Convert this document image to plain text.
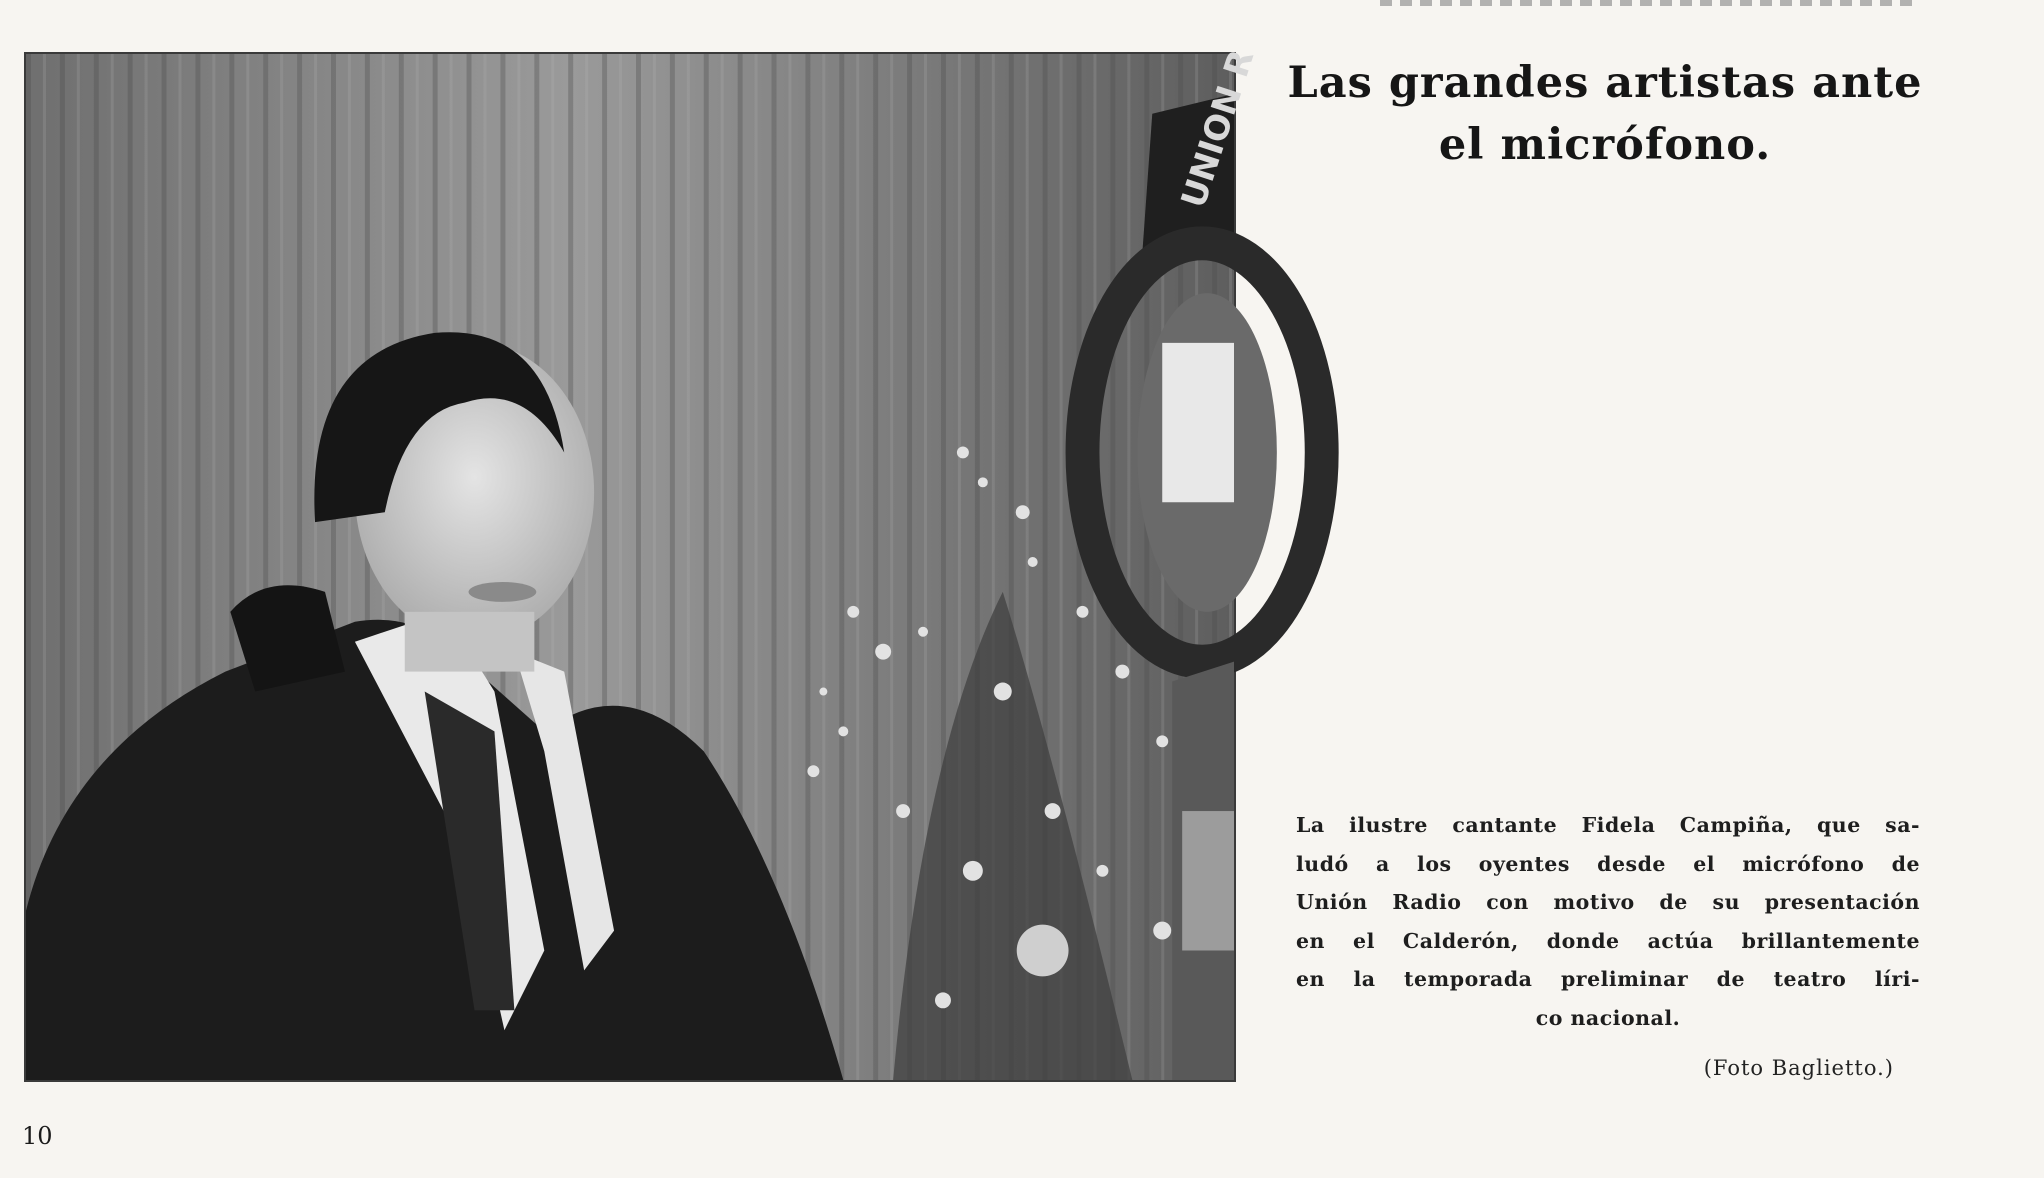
UNION R Las grandes artistas ante
el micrófono.
La ilustre cantante Fidela Campiña, que sa-
ludó a los oyentes desde el micrófono de
Unión Radio con motivo de su presentación
en el Calderón, donde actúa brillantemente
en la temporada preliminar de teatro líri-
co nacional.
(Foto Baglietto.)
10
